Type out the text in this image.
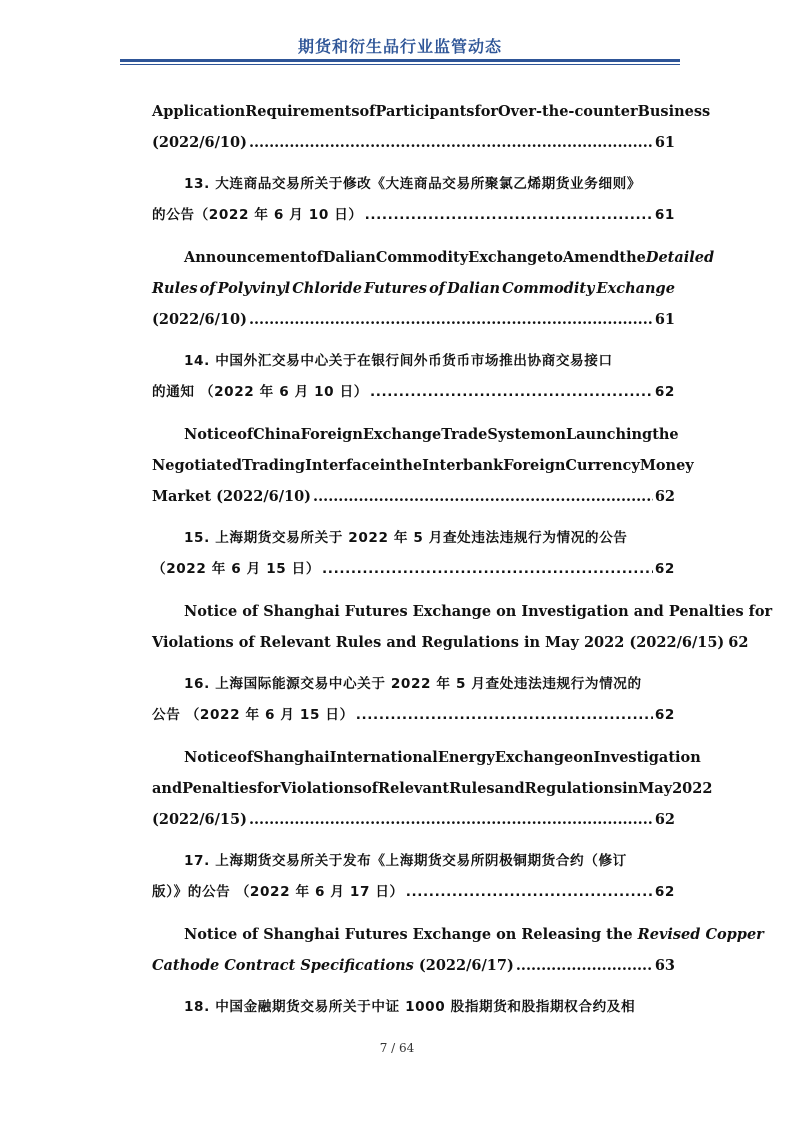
期货和衍生品行业监管动态
Application Requirements of Participants for Over-the-counter Business
(2022/6/10) .....	61
13. 大连商品交易所关于修改《大连商品交易所聚氯乙烯期货业务细则》
的公告（2022 年 6 月 10 日） .....	61
Announcement of Dalian Commodity Exchange to Amend the Detailed
Rules of Polyvinyl Chloride Futures of Dalian Commodity Exchange
(2022/6/10) .....	61
14. 中国外汇交易中心关于在银行间外币货币市场推出协商交易接口
的通知 （2022 年 6 月 10 日） .....	62
Notice of China Foreign Exchange Trade System on Launching the
Negotiated Trading Interface in the Interbank Foreign Currency Money
Market (2022/6/10) .....	62
15. 上海期货交易所关于 2022 年 5 月查处违法违规行为情况的公告
（2022 年 6 月 15 日） .....	62
Notice of Shanghai Futures Exchange on Investigation and Penalties for
Violations of Relevant Rules and Regulations in May 2022 (2022/6/15) 62
16. 上海国际能源交易中心关于 2022 年 5 月查处违法违规行为情况的
公告 （2022 年 6 月 15 日） .....	62
Notice of Shanghai International Energy Exchange on Investigation
and Penalties for Violations of Relevant Rules and Regulations in May 2022
(2022/6/15) .....	62
17. 上海期货交易所关于发布《上海期货交易所阴极铜期货合约（修订
版）》的公告 （2022 年 6 月 17 日） .....	62
Notice of Shanghai Futures Exchange on Releasing the Revised Copper
Cathode Contract Specifications (2022/6/17) .....	63
18. 中国金融期货交易所关于中证 1000 股指期货和股指期权合约及相
7 / 64
